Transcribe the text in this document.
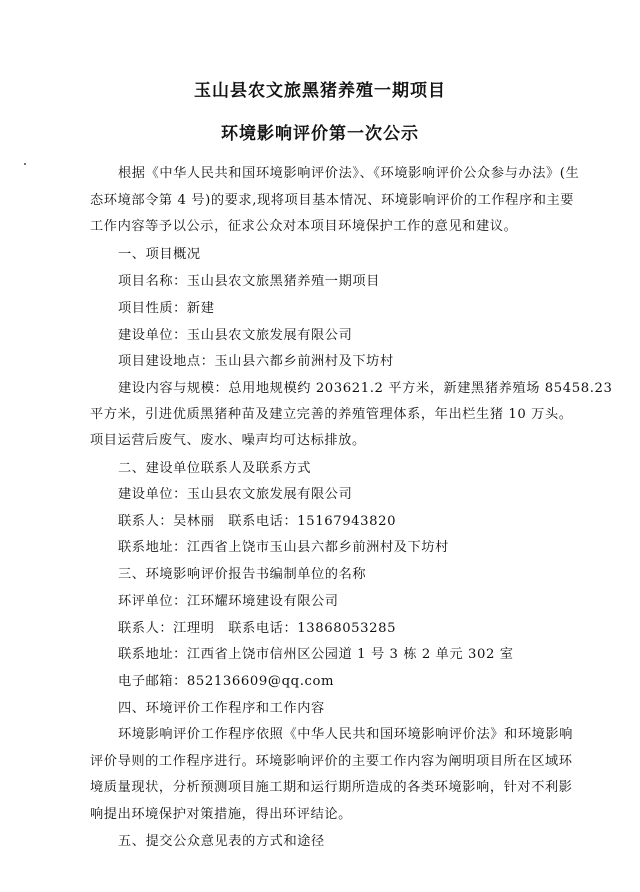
玉山县农文旅黑猪养殖一期项目
环境影响评价第一次公示
根据《中华人民共和国环境影响评价法》、《环境影响评价公众参与办法》(生
态环境部令第 4 号)的要求,现将项目基本情况、环境影响评价的工作程序和主要
工作内容等予以公示，征求公众对本项目环境保护工作的意见和建议。
一、项目概况
项目名称：玉山县农文旅黑猪养殖一期项目
项目性质：新建
建设单位：玉山县农文旅发展有限公司
项目建设地点：玉山县六都乡前洲村及下坊村
建设内容与规模：总用地规模约 203621.2 平方米，新建黑猪养殖场 85458.23
平方米，引进优质黑猪种苗及建立完善的养殖管理体系，年出栏生猪 10 万头。
项目运营后废气、废水、噪声均可达标排放。
二、建设单位联系人及联系方式
建设单位：玉山县农文旅发展有限公司
联系人：吴林丽　联系电话：15167943820
联系地址：江西省上饶市玉山县六都乡前洲村及下坊村
三、环境影响评价报告书编制单位的名称
环评单位：江环耀环境建设有限公司
联系人：江理明　联系电话：13868053285
联系地址：江西省上饶市信州区公园道 1 号 3 栋 2 单元 302 室
电子邮箱：852136609@qq.com
四、环境评价工作程序和工作内容
环境影响评价工作程序依照《中华人民共和国环境影响评价法》和环境影响
评价导则的工作程序进行。环境影响评价的主要工作内容为阐明项目所在区域环
境质量现状，分析预测项目施工期和运行期所造成的各类环境影响，针对不利影
响提出环境保护对策措施，得出环评结论。
五、提交公众意见表的方式和途径
